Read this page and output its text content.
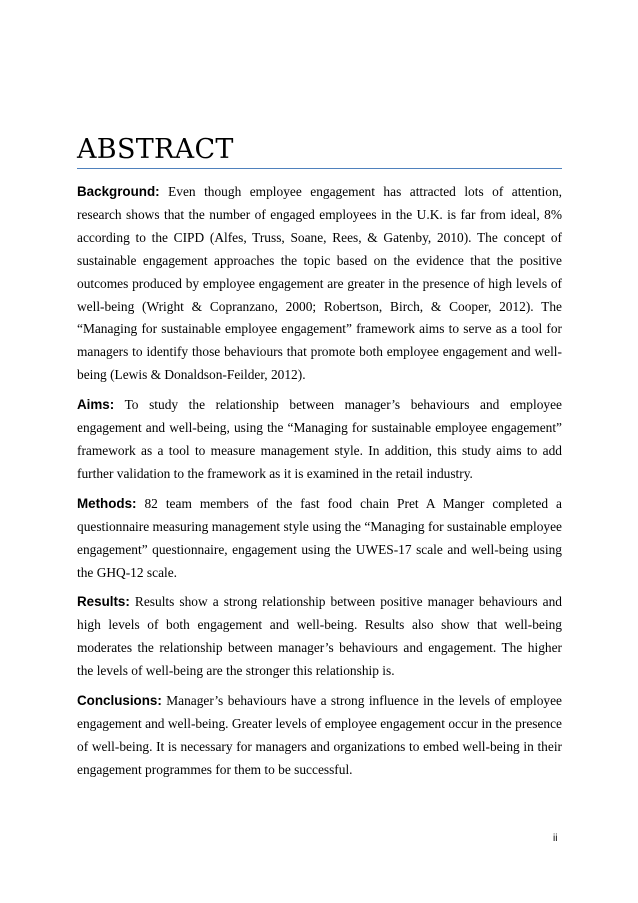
ABSTRACT

Background: Even though employee engagement has attracted lots of attention, research shows that the number of engaged employees in the U.K. is far from ideal, 8% according to the CIPD (Alfes, Truss, Soane, Rees, & Gatenby, 2010). The concept of sustainable engagement approaches the topic based on the evidence that the positive outcomes produced by employee engagement are greater in the presence of high levels of well-being (Wright & Copranzano, 2000; Robertson, Birch, & Cooper, 2012). The “Managing for sustainable employee engagement” framework aims to serve as a tool for managers to identify those behaviours that promote both employee engagement and well-being (Lewis & Donaldson-Feilder, 2012).

Aims: To study the relationship between manager’s behaviours and employee engagement and well-being, using the “Managing for sustainable employee engagement” framework as a tool to measure management style. In addition, this study aims to add further validation to the framework as it is examined in the retail industry.

Methods: 82 team members of the fast food chain Pret A Manger completed a questionnaire measuring management style using the “Managing for sustainable employee engagement” questionnaire, engagement using the UWES-17 scale and well-being using the GHQ-12 scale.

Results: Results show a strong relationship between positive manager behaviours and high levels of both engagement and well-being. Results also show that well-being moderates the relationship between manager’s behaviours and engagement. The higher the levels of well-being are the stronger this relationship is.

Conclusions: Manager’s behaviours have a strong influence in the levels of employee engagement and well-being. Greater levels of employee engagement occur in the presence of well-being. It is necessary for managers and organizations to embed well-being in their engagement programmes for them to be successful.

ii
